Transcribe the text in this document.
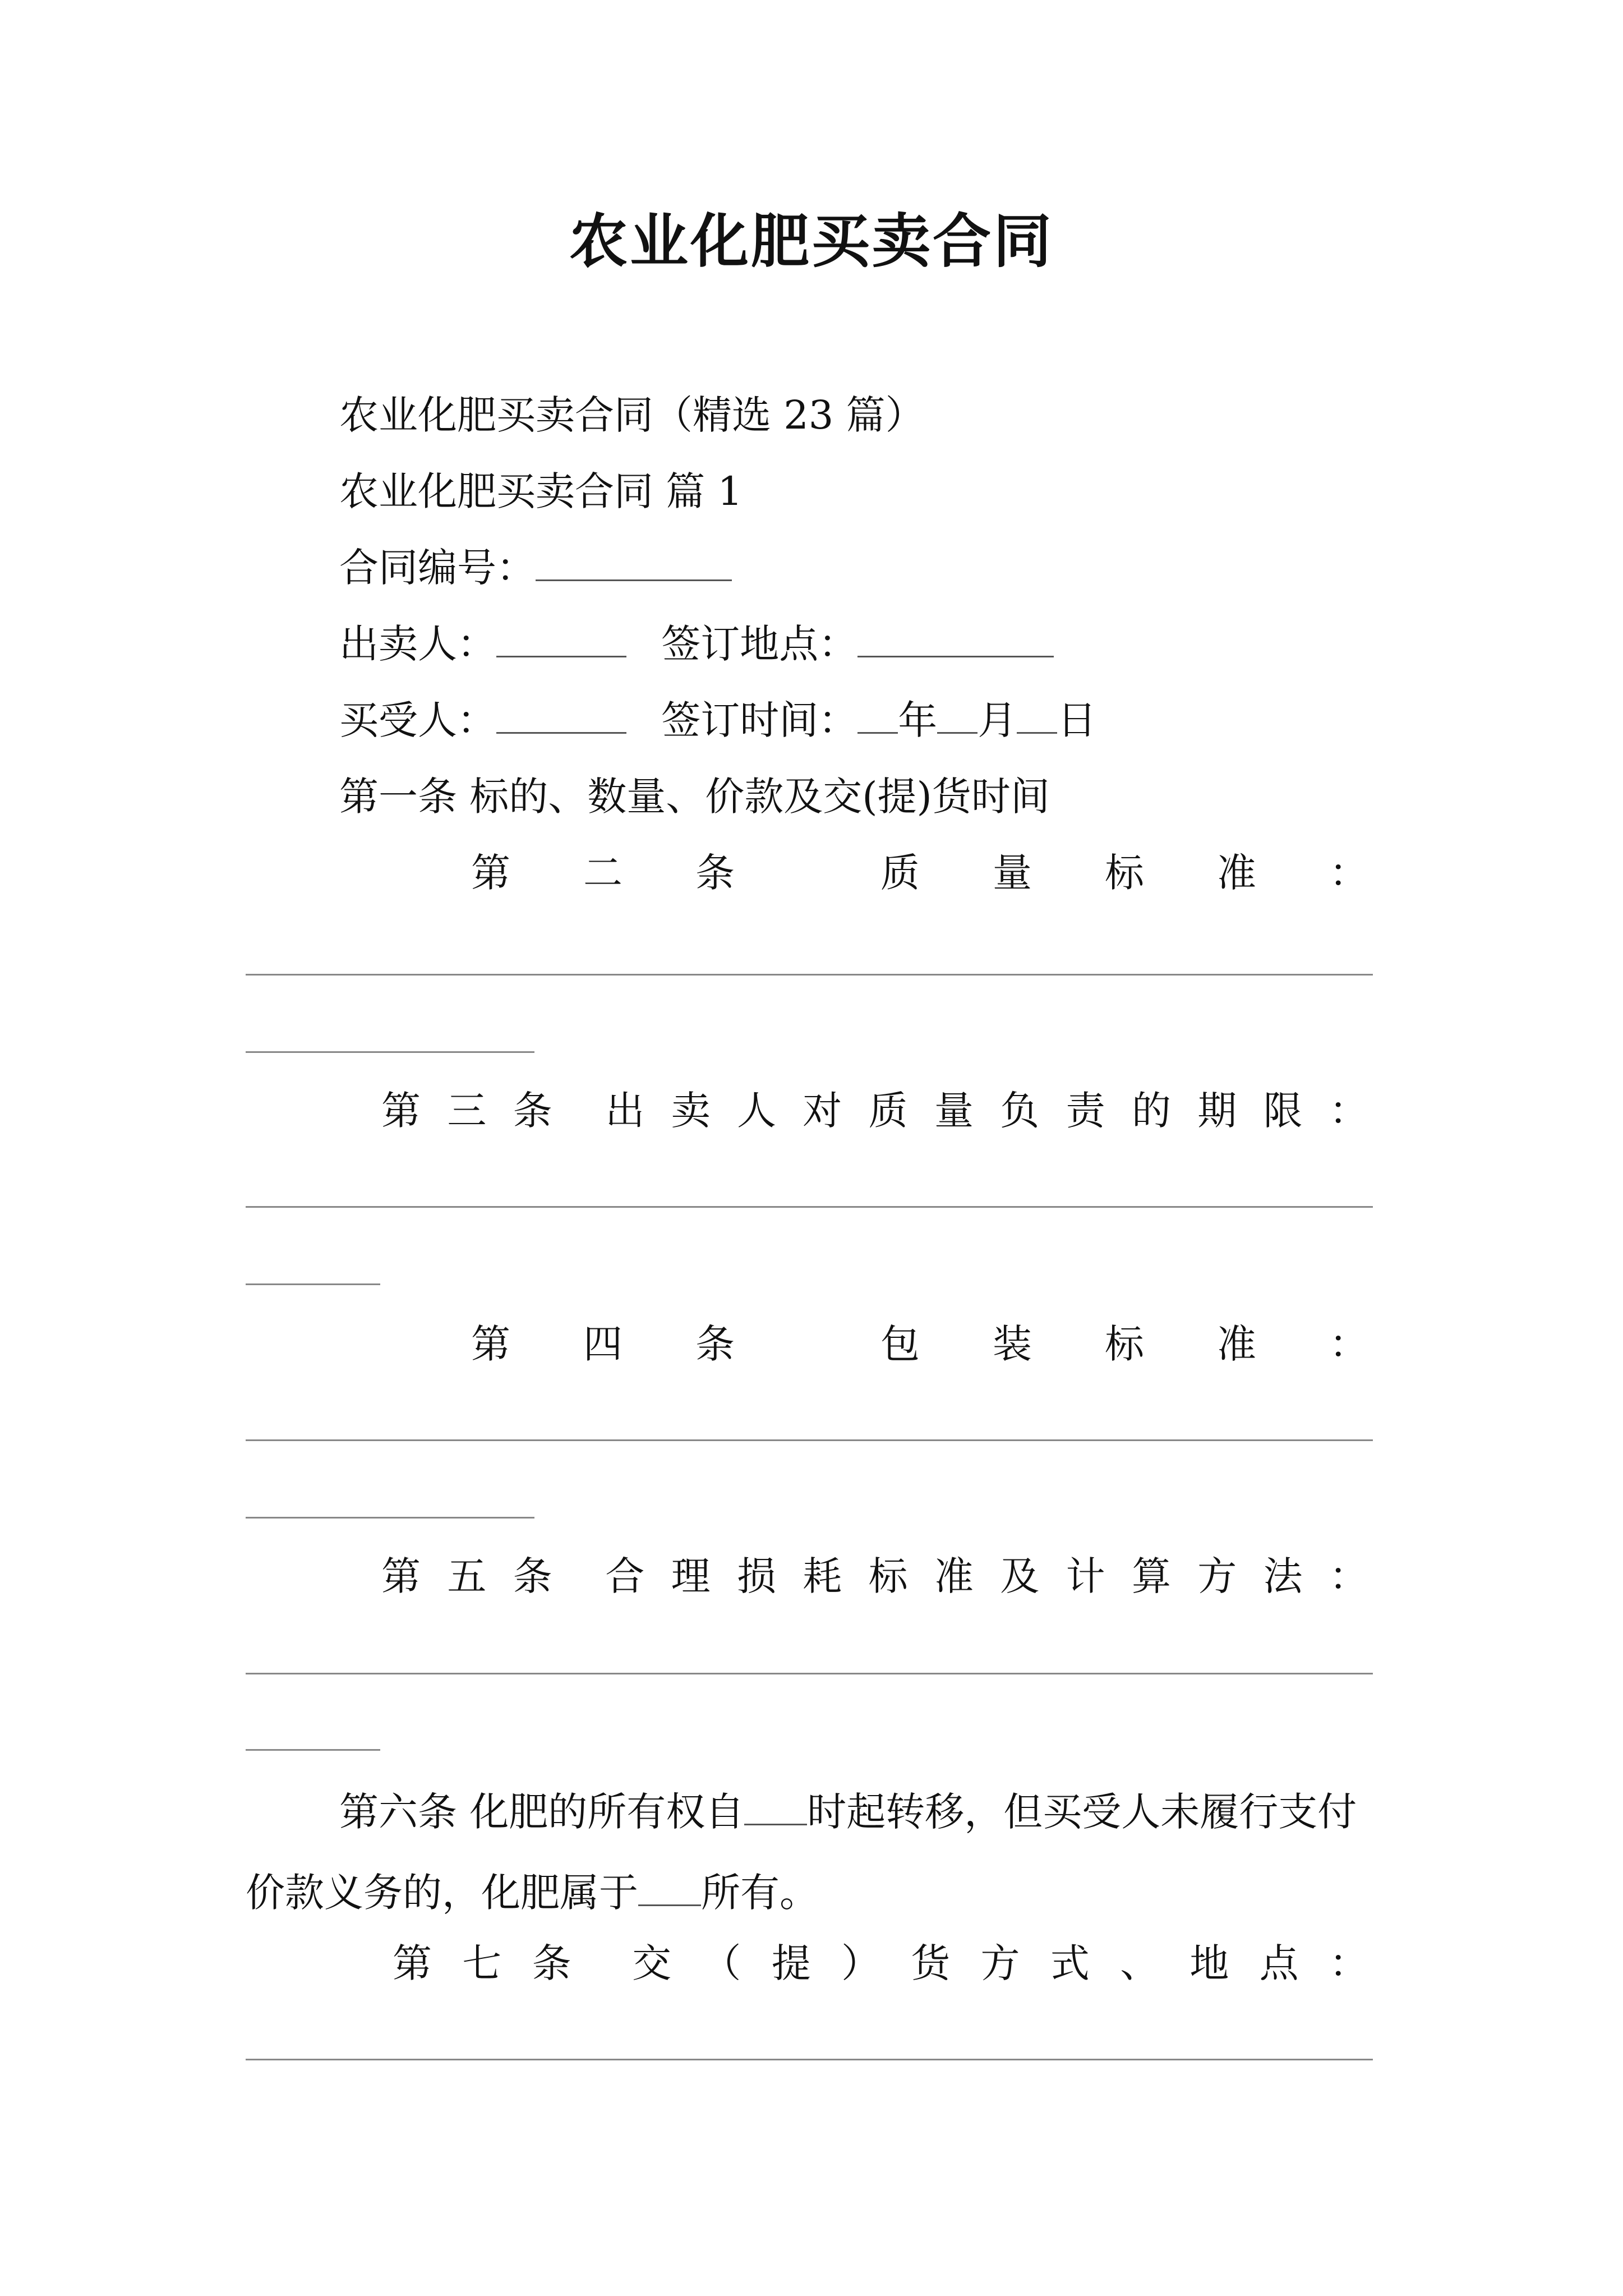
农业化肥买卖合同
农业化肥买卖合同（精选 23 篇）
农业化肥买卖合同 篇 1
合同编号：
出卖人：	签订地点：
买受人：	签订时间： 年 月 日
第一条 标的、数量、价款及交(提)货时间
第 二 条	质 量 标 准 ：
第 三 条 出 卖 人 对 质 量 负 责 的 期 限 ：
第 四 条	包 装 标 准 ：
第 五 条 合 理 损 耗 标 准 及 计 算 方 法 ：
第六条 化肥的所有权自 时起转移，但买受人未履行支付价款义务的，化肥属于 所有。
第 七 条 交 （ 提 ） 货 方 式 、 地 点 ：
